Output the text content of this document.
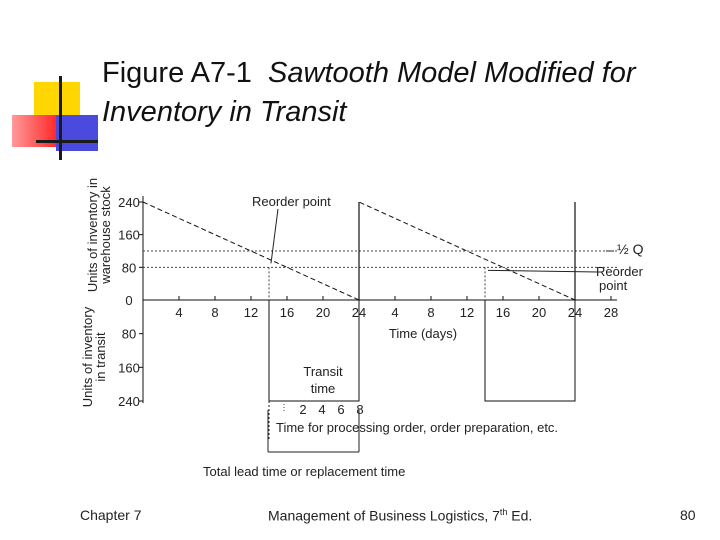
Figure A7-1 Sawtooth Model Modified for
Inventory in Transit
Units of inventory in
warehouse stock
Units of inventory
in transit
240
160
80
0
80
160
240
4 8 12 16 20 24 4 8 12 16 20 24 28
2 4 6 8
Reorder point
½ Q
Reorder
point
Time (days)
Transit
time
Time for processing order, order preparation, etc.
Total lead time or replacement time
Chapter 7	Management of Business Logistics, 7th Ed.	80
